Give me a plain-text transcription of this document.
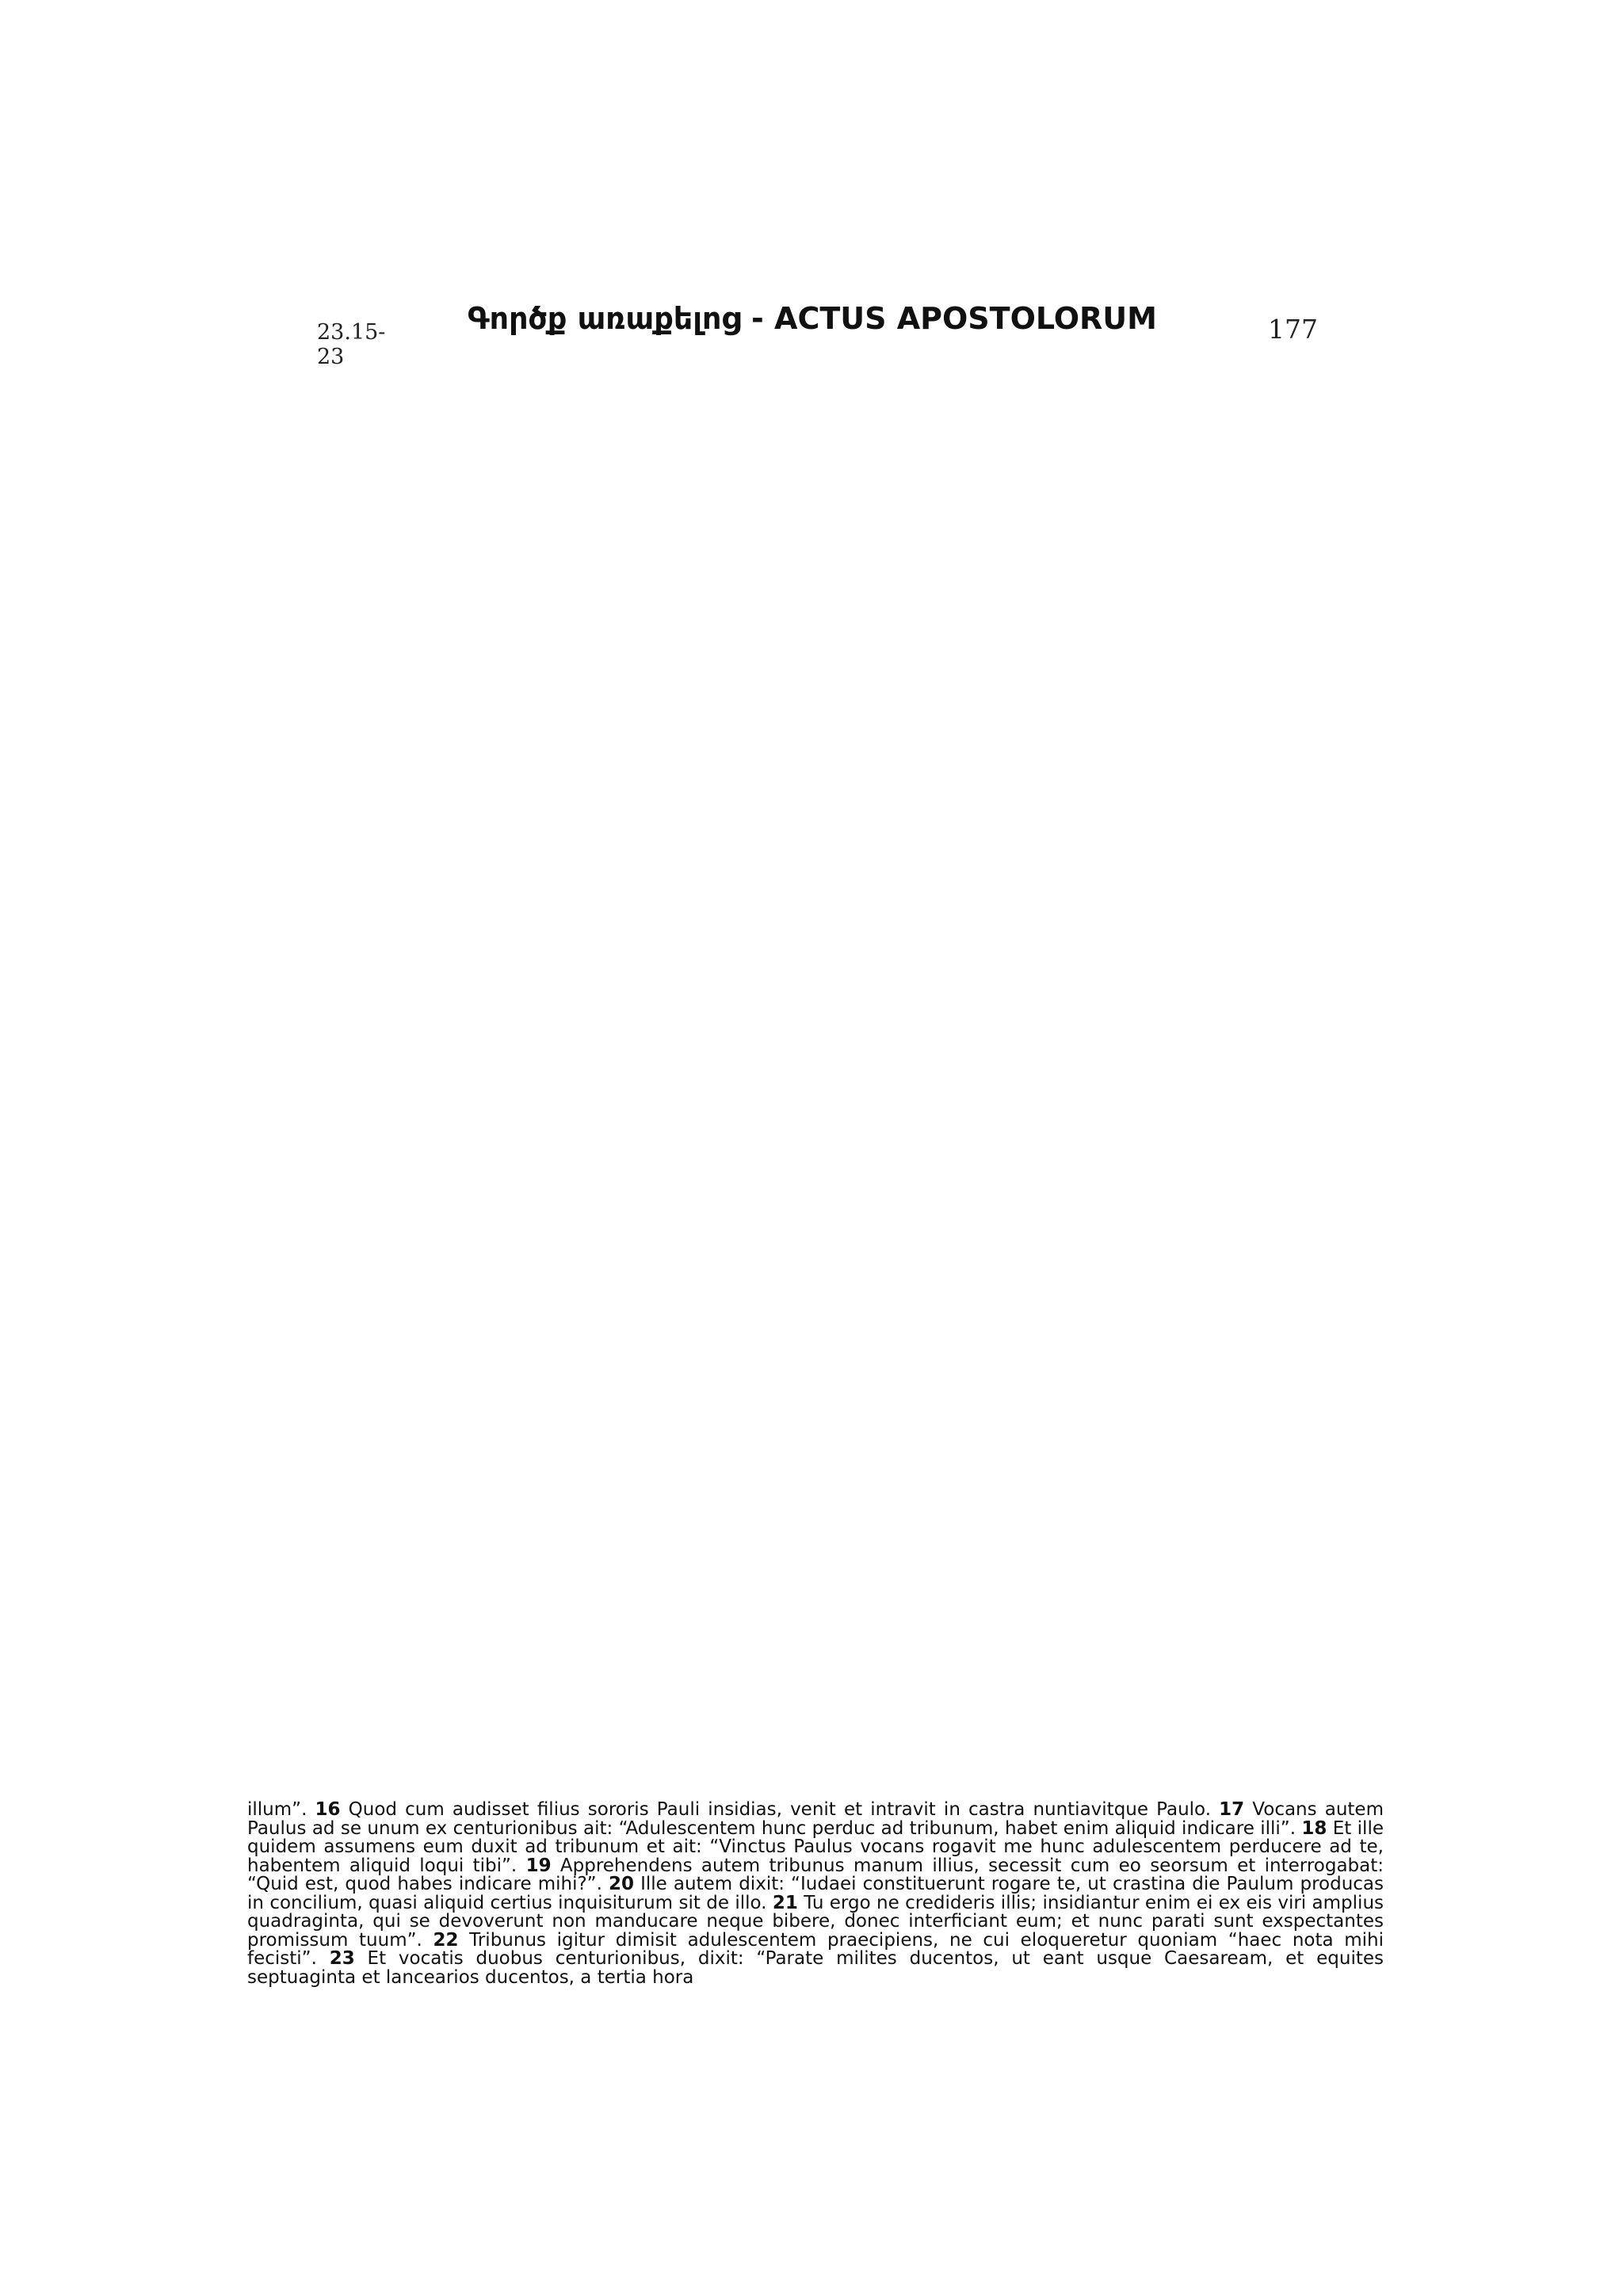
23.15-23
Գործք առաքելոց - ACTUS APOSTOLORUM	177

illum”. 16 Quod cum audisset filius sororis Pauli insidias, venit et intravit in castra nuntiavitque Paulo. 17 Vocans autem Paulus ad se unum ex centurionibus ait: “Adulescentem hunc perduc ad tribunum, habet enim aliquid indicare illi”. 18 Et ille quidem assumens eum duxit ad tribunum et ait: “Vinctus Paulus vocans rogavit me hunc adulescentem perducere ad te, habentem aliquid loqui tibi”. 19 Apprehendens autem tribunus manum illius, secessit cum eo seorsum et interrogabat: “Quid est, quod habes indicare mihi?”. 20 Ille autem dixit: “Iudaei constituerunt rogare te, ut crastina die Paulum producas in concilium, quasi aliquid certius inquisiturum sit de illo. 21 Tu ergo ne credideris illis; insidiantur enim ei ex eis viri amplius quadraginta, qui se devoverunt non manducare neque bibere, donec interficiant eum; et nunc parati sunt exspectantes promissum tuum”. 22 Tribunus igitur dimisit adulescentem praecipiens, ne cui eloqueretur quoniam “haec nota mihi fecisti”. 23 Et vocatis duobus centurionibus, dixit: “Parate milites ducentos, ut eant usque Caesaream, et equites septuaginta et lancearios ducentos, a tertia hora
